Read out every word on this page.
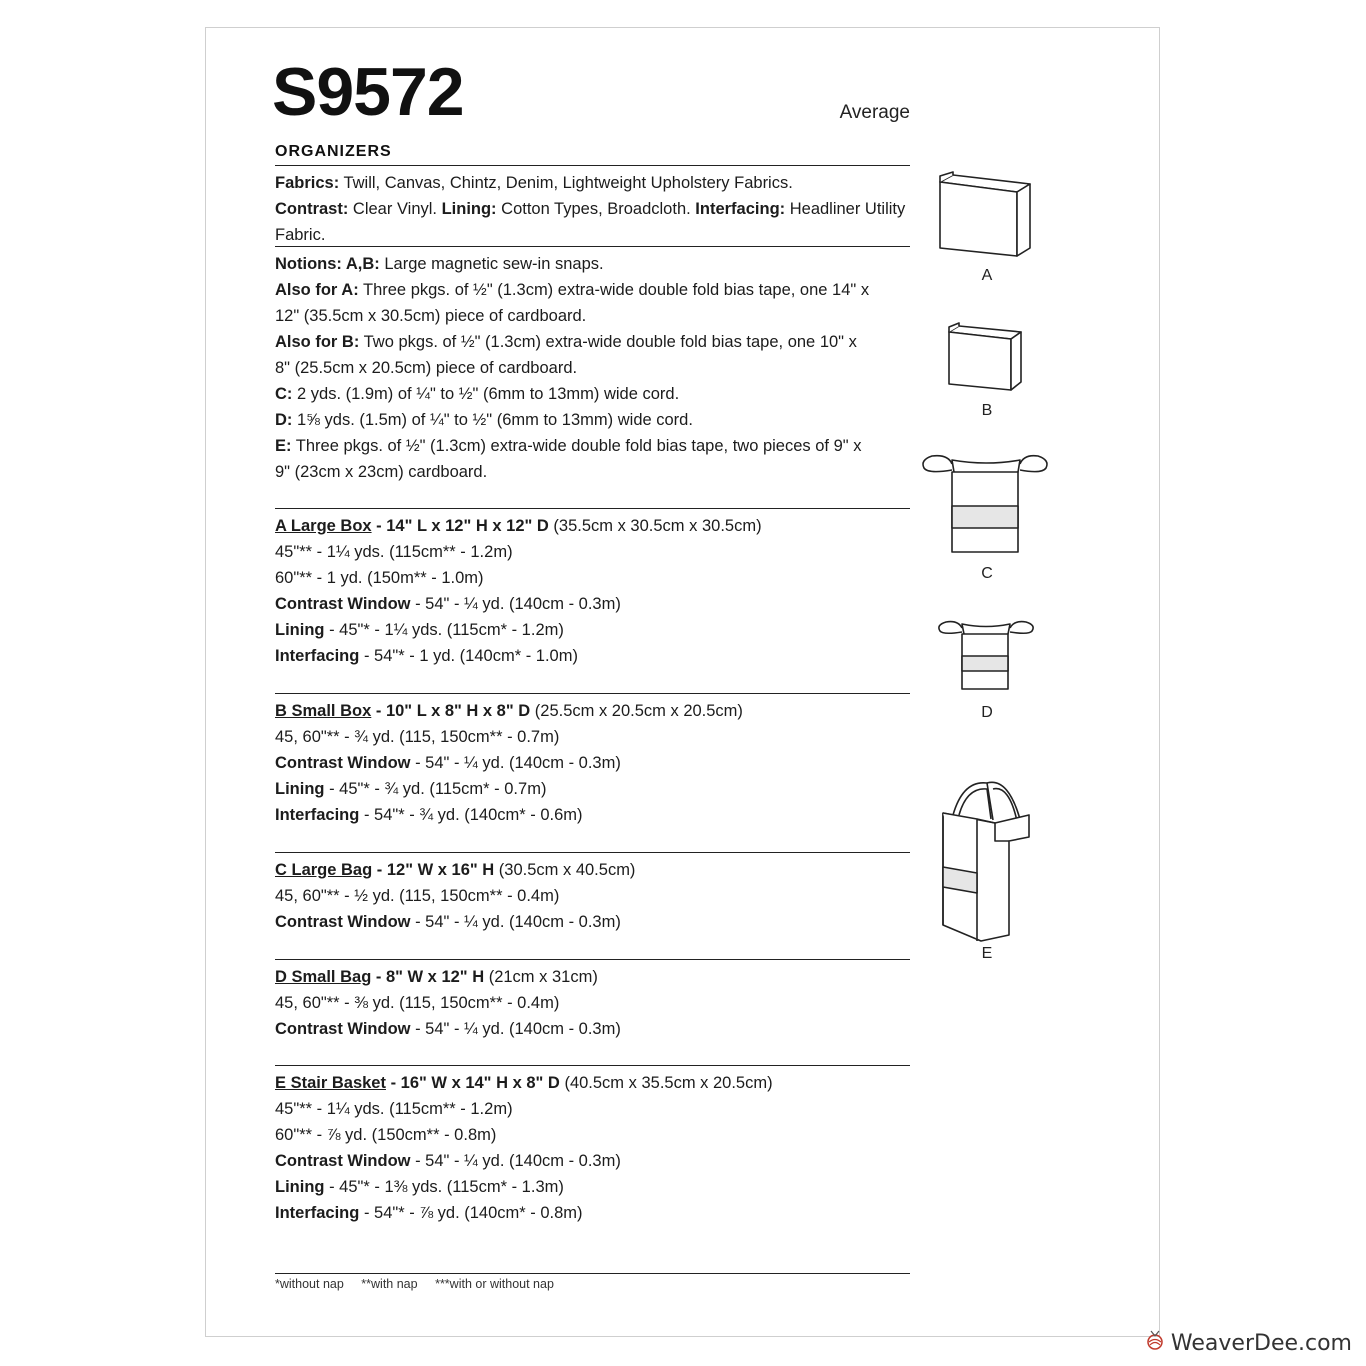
S9572	Average
ORGANIZERS

Fabrics: Twill, Canvas, Chintz, Denim, Lightweight Upholstery Fabrics.

Contrast: Clear Vinyl. Lining: Cotton Types, Broadcloth. Interfacing: Headliner Utility Fabric.

Notions: A,B: Large magnetic sew-in snaps.

Also for A: Three pkgs. of ½" (1.3cm) extra-wide double fold bias tape, one 14" x 12" (35.5cm x 30.5cm) piece of cardboard.

Also for B: Two pkgs. of ½" (1.3cm) extra-wide double fold bias tape, one 10" x 8" (25.5cm x 20.5cm) piece of cardboard.

C: 2 yds. (1.9m) of ¼" to ½" (6mm to 13mm) wide cord.

D: 1⅝ yds. (1.5m) of ¼" to ½" (6mm to 13mm) wide cord.

E: Three pkgs. of ½" (1.3cm) extra-wide double fold bias tape, two pieces of 9" x 9" (23cm x 23cm) cardboard.

A Large Box - 14" L x 12" H x 12" D (35.5cm x 30.5cm x 30.5cm)

45"** - 1¼ yds. (115cm** - 1.2m)

60"** - 1 yd. (150m** - 1.0m)

Contrast Window - 54" - ¼ yd. (140cm - 0.3m)

Lining - 45"* - 1¼ yds. (115cm* - 1.2m)

Interfacing - 54"* - 1 yd. (140cm* - 1.0m)

B Small Box - 10" L x 8" H x 8" D (25.5cm x 20.5cm x 20.5cm)

45, 60"** - ¾ yd. (115, 150cm** - 0.7m)

Contrast Window - 54" - ¼ yd. (140cm - 0.3m)

Lining - 45"* - ¾ yd. (115cm* - 0.7m)

Interfacing - 54"* - ¾ yd. (140cm* - 0.6m)

C Large Bag - 12" W x 16" H (30.5cm x 40.5cm)

45, 60"** - ½ yd. (115, 150cm** - 0.4m)

Contrast Window - 54" - ¼ yd. (140cm - 0.3m)

D Small Bag - 8" W x 12" H (21cm x 31cm)

45, 60"** - ⅜ yd. (115, 150cm** - 0.4m)

Contrast Window - 54" - ¼ yd. (140cm - 0.3m)

E Stair Basket - 16" W x 14" H x 8" D (40.5cm x 35.5cm x 20.5cm)

45"** - 1¼ yds. (115cm** - 1.2m)

60"** - ⅞ yd. (150cm** - 0.8m)

Contrast Window - 54" - ¼ yd. (140cm - 0.3m)

Lining - 45"* - 1⅜ yds. (115cm* - 1.3m)

Interfacing - 54"* - ⅞ yd. (140cm* - 0.8m)

*without nap **with nap ***with or without nap
A
B
C
D
E
WeaverDee.com
